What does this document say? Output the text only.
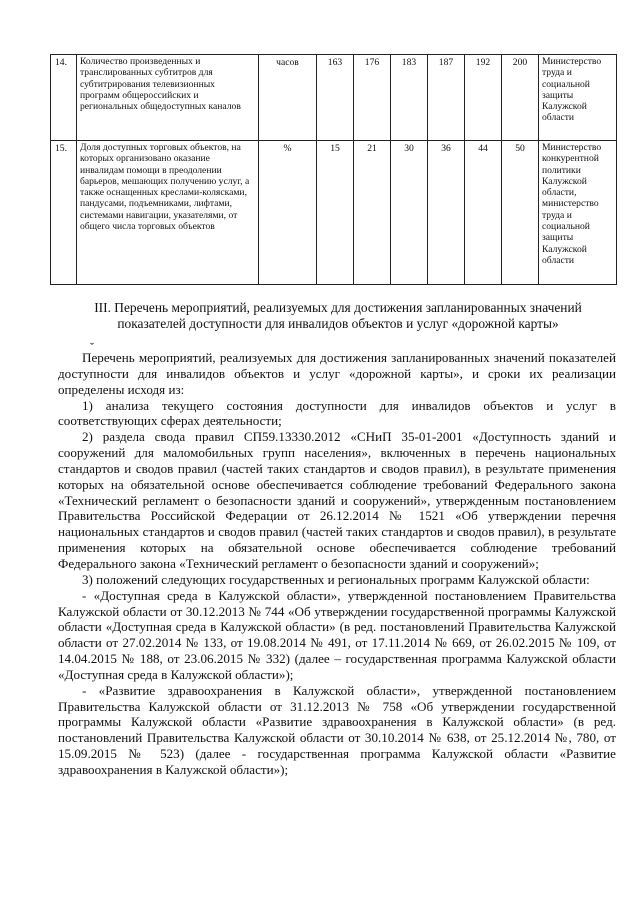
14.	Количество произведенных и транслированных субтитров для субтитрирования телевизионных программ общероссийских и региональных общедоступных каналов	часов	163	176	183	187	192	200	Министерство труда и социальной защиты Калужской области
15.	Доля доступных торговых объектов, на которых организовано оказание инвалидам помощи в преодолении барьеров, мешающих получению услуг, а также оснащенных креслами-колясками, пандусами, подъемниками, лифтами, системами навигации, указателями, от общего числа торговых объектов	%	15	21	30	36	44	50	Министерство конкурентной политики Калужской области, министерство труда и социальной защиты Калужской области
III. Перечень мероприятий, реализуемых для достижения запланированных значений показателей доступности для инвалидов объектов и услуг «дорожной карты»
ˇ

Перечень мероприятий, реализуемых для достижения запланированных значений показателей доступности для инвалидов объектов и услуг «дорожной карты», и сроки их реализации определены исходя из:

1) анализа текущего состояния доступности для инвалидов объектов и услуг в соответствующих сферах деятельности;

2) раздела свода правил СП59.13330.2012 «СНиП 35-01-2001 «Доступность зданий и сооружений для маломобильных групп населения», включенных в перечень национальных стандартов и сводов правил (частей таких стандартов и сводов правил), в результате применения которых на обязательной основе обеспечивается соблюдение требований Федерального закона «Технический регламент о безопасности зданий и сооружений», утвержденным постановлением Правительства Российской Федерации от 26.12.2014 № 1521 «Об утверждении перечня национальных стандартов и сводов правил (частей таких стандартов и сводов правил), в результате применения которых на обязательной основе обеспечивается соблюдение требований Федерального закона «Технический регламент о безопасности зданий и сооружений»;

3) положений следующих государственных и региональных программ Калужской области:

- «Доступная среда в Калужской области», утвержденной постановлением Правительства Калужской области от 30.12.2013 № 744 «Об утверждении государственной программы Калужской области «Доступная среда в Калужской области» (в ред. постановлений Правительства Калужской области от 27.02.2014 № 133, от 19.08.2014 № 491, от 17.11.2014 № 669, от 26.02.2015 № 109, от 14.04.2015 № 188, от 23.06.2015 № 332) (далее – государственная программа Калужской области «Доступная среда в Калужской области»);

- «Развитие здравоохранения в Калужской области», утвержденной постановлением Правительства Калужской области от 31.12.2013 № 758 «Об утверждении государственной программы Калужской области «Развитие здравоохранения в Калужской области» (в ред. постановлений Правительства Калужской области от 30.10.2014 № 638, от 25.12.2014 №, 780, от 15.09.2015 № 523) (далее - государственная программа Калужской области «Развитие здравоохранения в Калужской области»);
